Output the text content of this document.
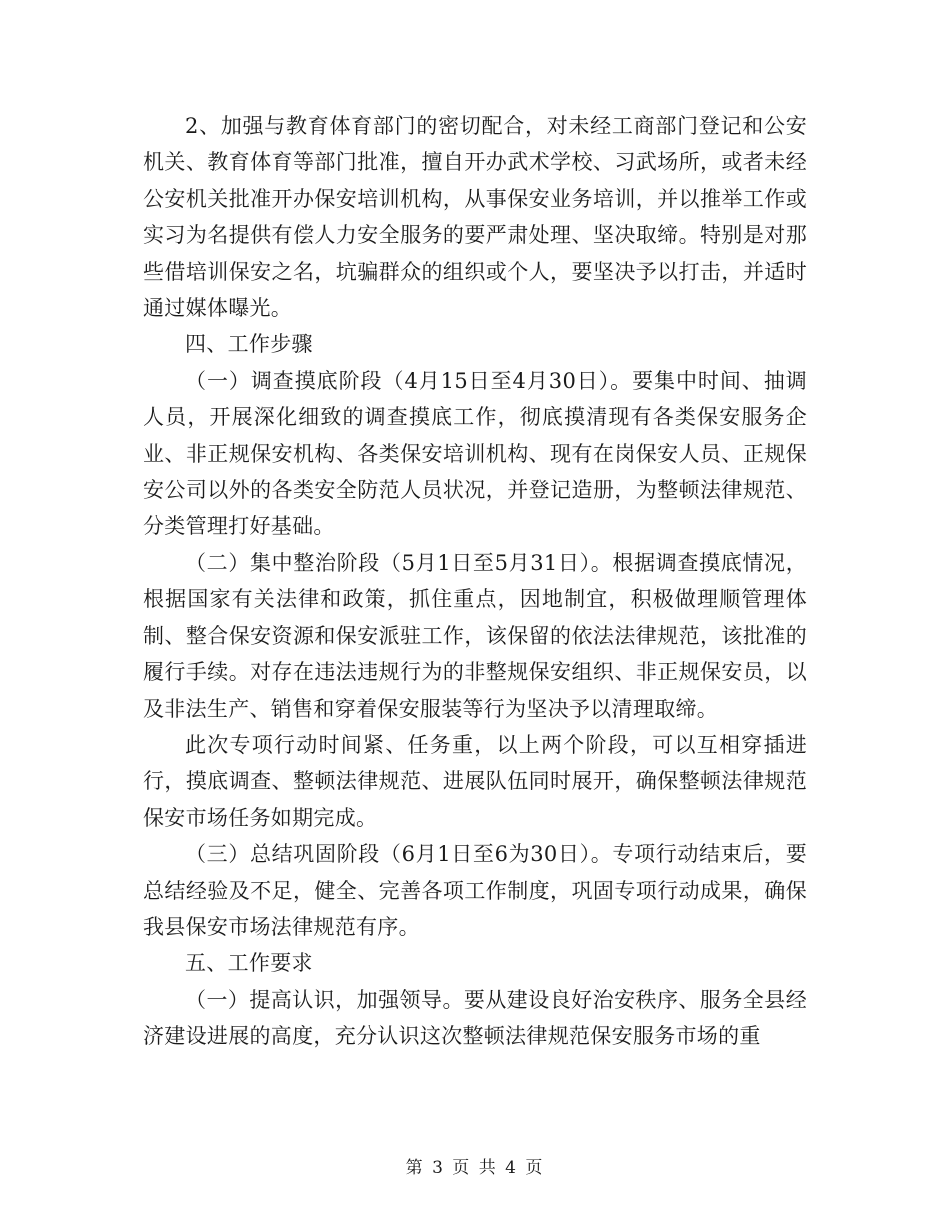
2、加强与教育体育部门的密切配合，对未经工商部门登记和公安机关、教育体育等部门批准，擅自开办武术学校、习武场所，或者未经公安机关批准开办保安培训机构，从事保安业务培训，并以推举工作或实习为名提供有偿人力安全服务的要严肃处理、坚决取缔。特别是对那些借培训保安之名，坑骗群众的组织或个人，要坚决予以打击，并适时通过媒体曝光。

四、工作步骤

（一）调查摸底阶段（4月15日至4月30日）。要集中时间、抽调人员，开展深化细致的调查摸底工作，彻底摸清现有各类保安服务企业、非正规保安机构、各类保安培训机构、现有在岗保安人员、正规保安公司以外的各类安全防范人员状况，并登记造册，为整顿法律规范、分类管理打好基础。

（二）集中整治阶段（5月1日至5月31日）。根据调查摸底情况，根据国家有关法律和政策，抓住重点，因地制宜，积极做理顺管理体制、整合保安资源和保安派驻工作，该保留的依法法律规范，该批准的履行手续。对存在违法违规行为的非整规保安组织、非正规保安员，以及非法生产、销售和穿着保安服装等行为坚决予以清理取缔。

此次专项行动时间紧、任务重，以上两个阶段，可以互相穿插进行，摸底调查、整顿法律规范、进展队伍同时展开，确保整顿法律规范保安市场任务如期完成。

（三）总结巩固阶段（6月1日至6为30日）。专项行动结束后，要总结经验及不足，健全、完善各项工作制度，巩固专项行动成果，确保我县保安市场法律规范有序。

五、工作要求

（一）提高认识，加强领导。要从建设良好治安秩序、服务全县经济建设进展的高度，充分认识这次整顿法律规范保安服务市场的重

第 3 页 共 4 页
